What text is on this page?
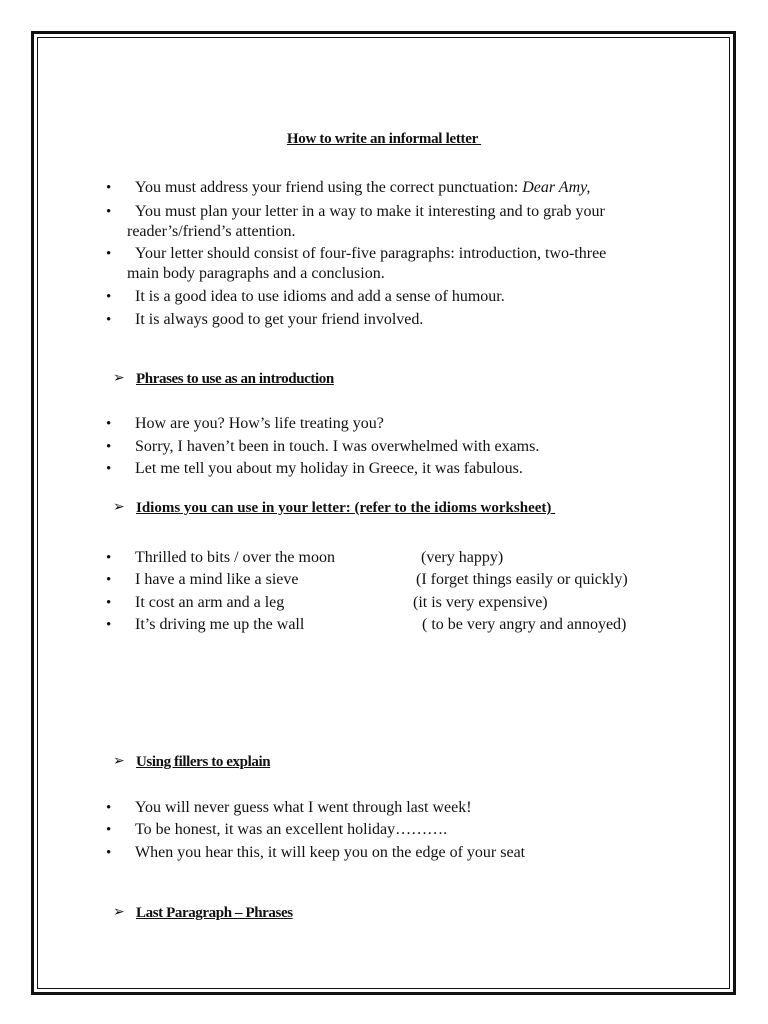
How to write an informal letter
• You must address your friend using the correct punctuation: Dear Amy,
• You must plan your letter in a way to make it interesting and to grab your
reader’s/friend’s attention.
• Your letter should consist of four-five paragraphs: introduction, two-three
main body paragraphs and a conclusion.
• It is a good idea to use idioms and add a sense of humour.
• It is always good to get your friend involved.

➢

Phrases to use as an introduction

• How are you? How’s life treating you?
• Sorry, I haven’t been in touch. I was overwhelmed with exams.
• Let me tell you about my holiday in Greece, it was fabulous.

➢

Idioms you can use in your letter: (refer to the idioms worksheet)

• Thrilled to bits / over the moon	(very happy)
• I have a mind like a sieve	(I forget things easily or quickly)
• It cost an arm and a leg	(it is very expensive)
• It’s driving me up the wall	( to be very angry and annoyed)

➢

Using fillers to explain

• You will never guess what I went through last week!
• To be honest, it was an excellent holiday……….
• When you hear this, it will keep you on the edge of your seat

➢

Last Paragraph – Phrases
